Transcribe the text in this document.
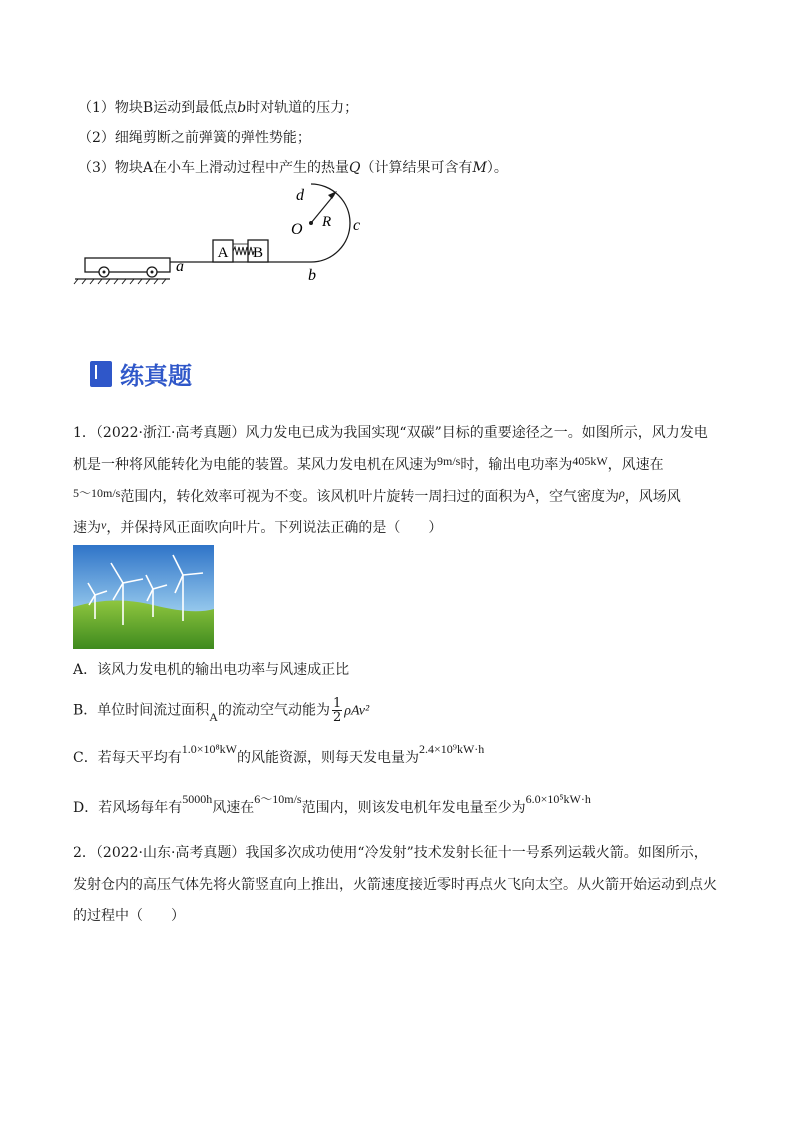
（1）物块B运动到最低点b时对轨道的压力；
（2）细绳剪断之前弹簧的弹性势能；
（3）物块A在小车上滑动过程中产生的热量Q（计算结果可含有M）。
A B
d
O R c
a
b
练真题
1．（2022·浙江·高考真题）风力发电已成为我国实现“双碳”目标的重要途径之一。如图所示，风力发电
机是一种将风能转化为电能的装置。某风力发电机在风速为9m/s时，输出电功率为405kW，风速在
5～10m/s范围内，转化效率可视为不变。该风机叶片旋转一周扫过的面积为A，空气密度为ρ，风场风
速为v，并保持风正面吹向叶片。下列说法正确的是（　　）
A．该风力发电机的输出电功率与风速成正比
B．单位时间流过面积A的流动空气动能为 $\frac{1}{2} \rho Av^2$
C．若每天平均有1.0×10⁸kW的风能资源，则每天发电量为2.4×10⁹kW·h
D．若风场每年有5000h风速在6～10m/s范围内，则该发电机年发电量至少为6.0×10⁵kW·h
2．（2022·山东·高考真题）我国多次成功使用“冷发射”技术发射长征十一号系列运载火箭。如图所示，
发射仓内的高压气体先将火箭竖直向上推出，火箭速度接近零时再点火飞向太空。从火箭开始运动到点火
的过程中（　　）
